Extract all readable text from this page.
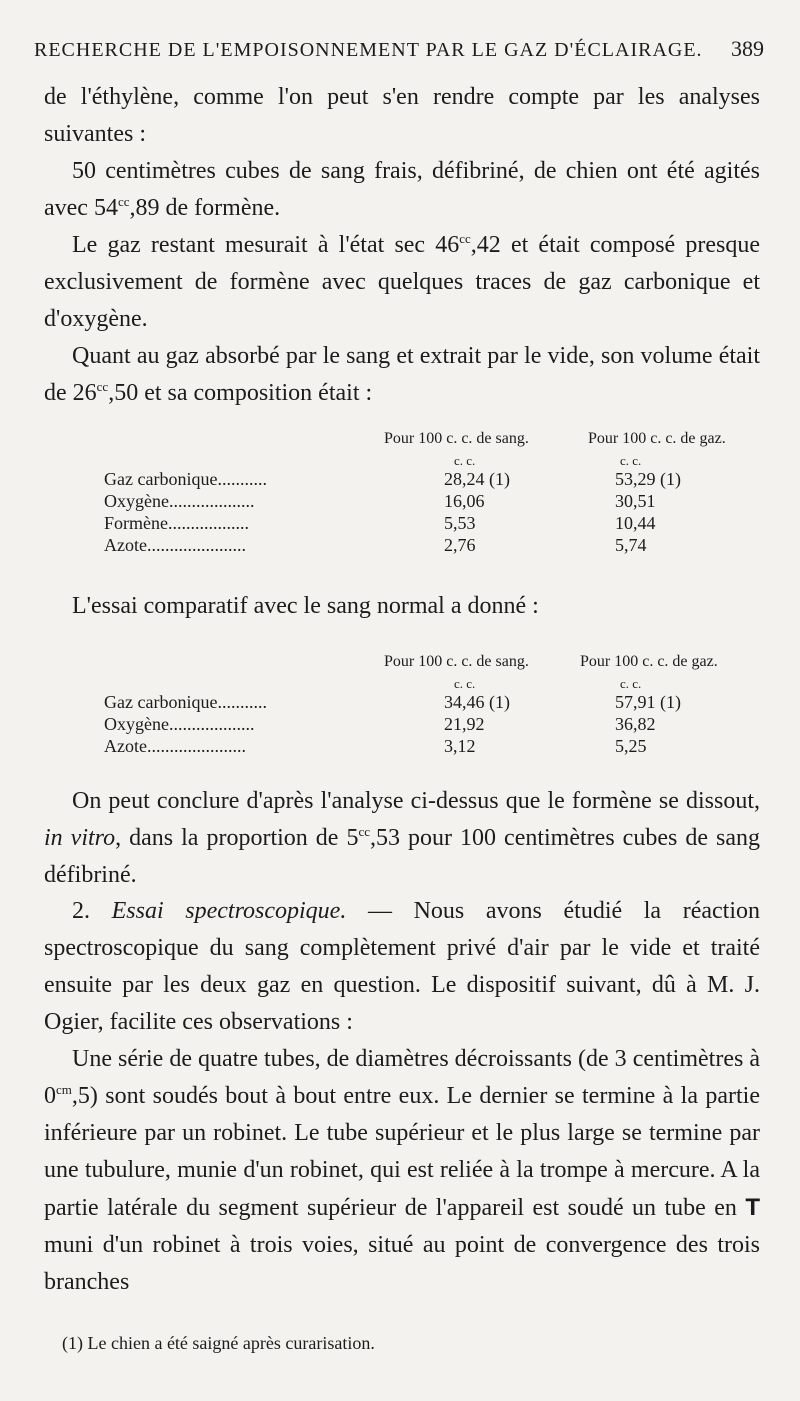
RECHERCHE DE L'EMPOISONNEMENT PAR LE GAZ D'ÉCLAIRAGE. 389

de l'éthylène, comme l'on peut s'en rendre compte par les analyses suivantes :

50 centimètres cubes de sang frais, défibriné, de chien ont été agités avec $54^{cc},89$ de formène.

Le gaz restant mesurait à l'état $\sec 46^{cc},42$ et était composé presque exclusivement de formène avec quelques traces de gaz carbonique et d'oxygène.

Quant au gaz absorbé par le sang et extrait par le vide, son volume était de $26^{cc},50$ et sa composition était :

Pour 100 c. c. de sang.	Pour 100 c. c. de gaz.
c. c.	c. c.
Gaz carbonique...........	28,24 (1)	53,29 (1)
Oxygène...................	16,06	30,51
Formène..................	5,53	10,44
Azote......................	2,76	5,74

L'essai comparatif avec le sang normal a donné :

Pour 100 c. c. de sang.	Pour 100 c. c. de gaz.
c. c.	c. c.
Gaz carbonique...........	34,46 (1)	57,91 (1)
Oxygène...................	21,92	36,82
Azote......................	3,12	5,25

On peut conclure d'après l'analyse ci-dessus que le formène se dissout, in vitro, dans la proportion de $5^{cc},53$ pour 100 centimètres cubes de sang défibriné.

2. Essai spectroscopique. — Nous avons étudié la réaction spectroscopique du sang complètement privé d'air par le vide et traité ensuite par les deux gaz en question. Le dispositif suivant, dû à M. J. Ogier, facilite ces observations :

Une série de quatre tubes, de diamètres décroissants (de 3 centimètres à $0^{cm},5$) sont soudés bout à bout entre eux. Le dernier se termine à la partie inférieure par un robinet. Le tube supérieur et le plus large se termine par une tubulure, munie d'un robinet, qui est reliée à la trompe à mercure. A la partie latérale du segment supérieur de l'appareil est soudé un tube en T muni d'un robinet à trois voies, situé au point de convergence des trois branches

(1) Le chien a été saigné après curarisation.
